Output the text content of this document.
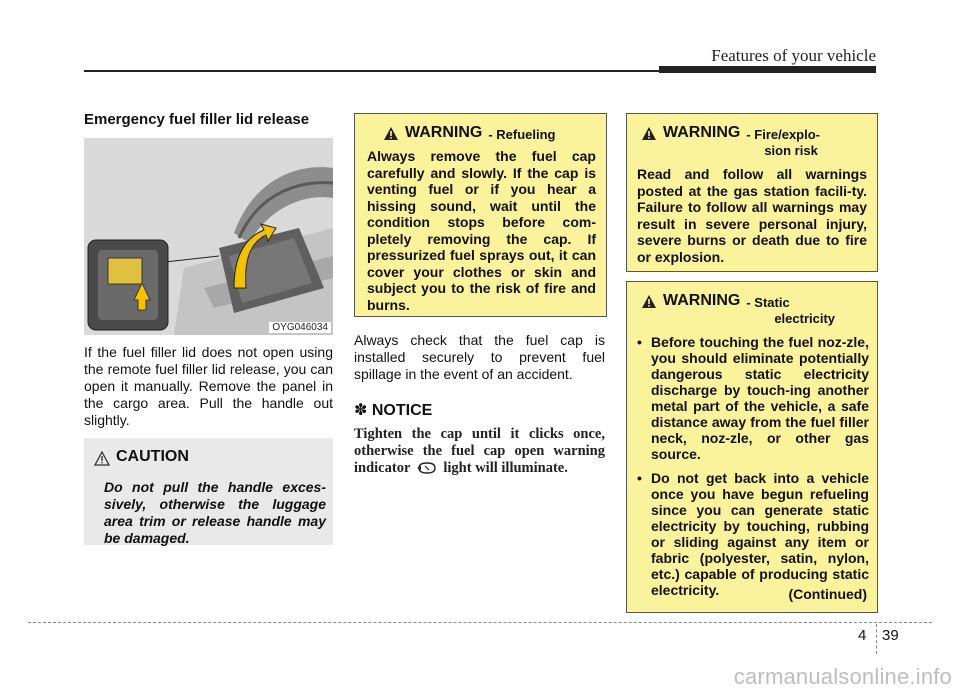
Features of your vehicle
Emergency fuel filler lid release
OYG046034
If the fuel filler lid does not open using the remote fuel filler lid release, you can open it manually. Remove the panel in the cargo area. Pull the handle out slightly.
CAUTION
Do not pull the handle exces-sively, otherwise the luggage area trim or release handle may be damaged.
WARNING - Refueling
Always remove the fuel cap carefully and slowly. If the cap is venting fuel or if you hear a hissing sound, wait until the condition stops before com-pletely removing the cap. If pressurized fuel sprays out, it can cover your clothes or skin and subject you to the risk of fire and burns.
Always check that the fuel cap is installed securely to prevent fuel spillage in the event of an accident.
✽ NOTICE
Tighten the cap until it clicks once, otherwise the fuel cap open warning indicator light will illuminate.
WARNING - Fire/explo-
sion risk
Read and follow all warnings posted at the gas station facili-ty. Failure to follow all warnings may result in severe personal injury, severe burns or death due to fire or explosion.
WARNING - Static
electricity
• Before touching the fuel noz-zle, you should eliminate potentially dangerous static electricity discharge by touch-ing another metal part of the vehicle, a safe distance away from the fuel filler neck, noz-zle, or other gas source.
• Do not get back into a vehicle once you have begun refueling since you can generate static electricity by touching, rubbing or sliding against any item or fabric (polyester, satin, nylon, etc.) capable of producing static electricity.	(Continued)
4 39
carmanualsonline.info
